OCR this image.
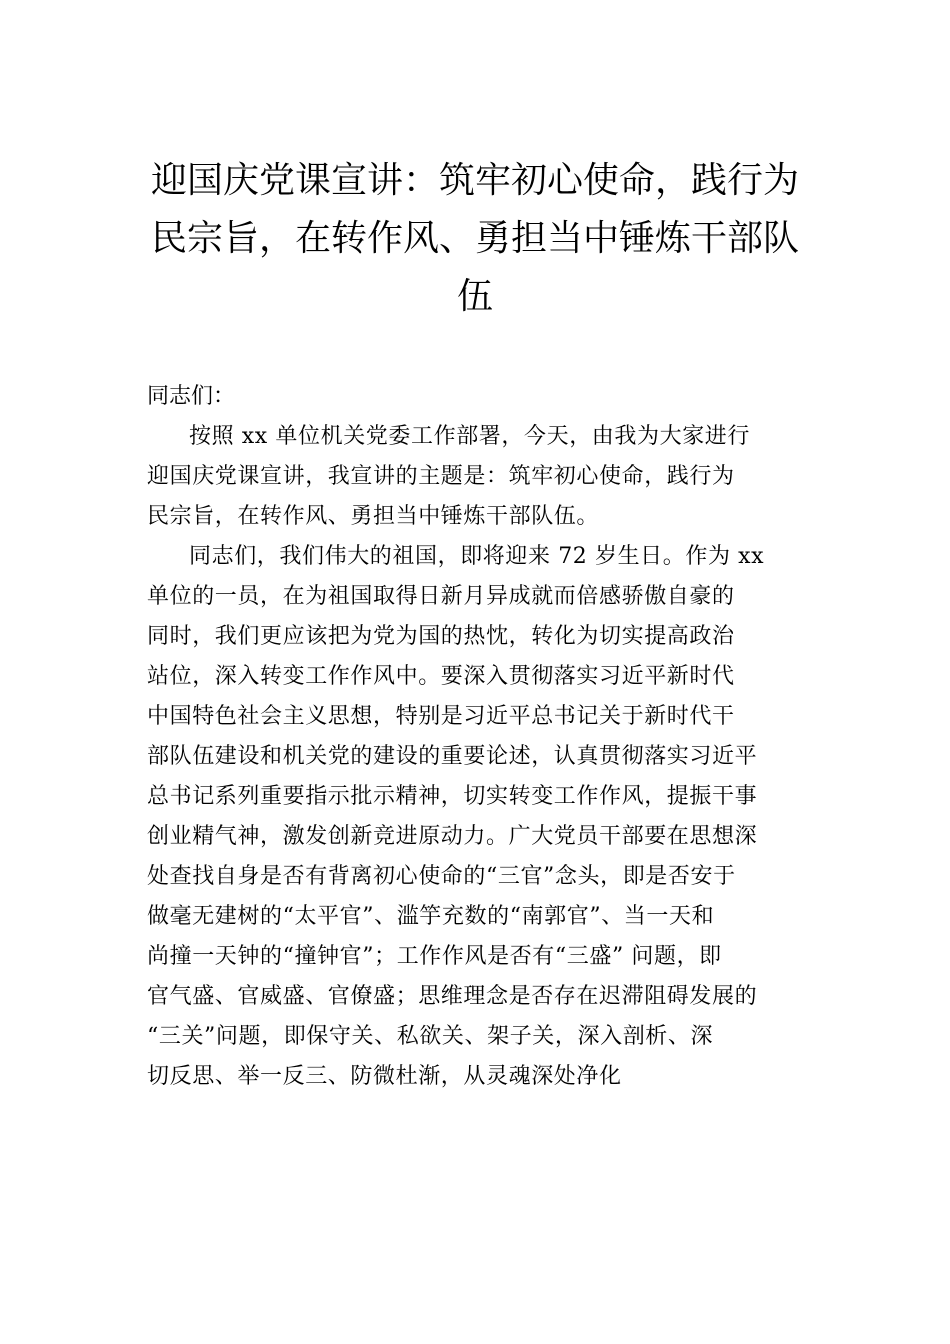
迎国庆党课宣讲：筑牢初心使命，践行为
民宗旨，在转作风、勇担当中锤炼干部队
伍

同志们：

按照 xx 单位机关党委工作部署，今天，由我为大家进行
迎国庆党课宣讲，我宣讲的主题是：筑牢初心使命，践行为
民宗旨，在转作风、勇担当中锤炼干部队伍。
同志们，我们伟大的祖国，即将迎来 72 岁生日。作为 xx
单位的一员，在为祖国取得日新月异成就而倍感骄傲自豪的
同时，我们更应该把为党为国的热忱，转化为切实提高政治
站位，深入转变工作作风中。要深入贯彻落实习近平新时代
中国特色社会主义思想，特别是习近平总书记关于新时代干
部队伍建设和机关党的建设的重要论述，认真贯彻落实习近平
总书记系列重要指示批示精神，切实转变工作作风，提振干事
创业精气神，激发创新竞进原动力。广大党员干部要在思想深
处查找自身是否有背离初心使命的“三官”念头，即是否安于
做毫无建树的“太平官”、滥竽充数的“南郭官”、当一天和
尚撞一天钟的“撞钟官”；工作作风是否有“三盛” 问题，即
官气盛、官威盛、官僚盛；思维理念是否存在迟滞阻碍发展的
“三关”问题，即保守关、私欲关、架子关，深入剖析、深
切反思、举一反三、防微杜渐，从灵魂深处净化
